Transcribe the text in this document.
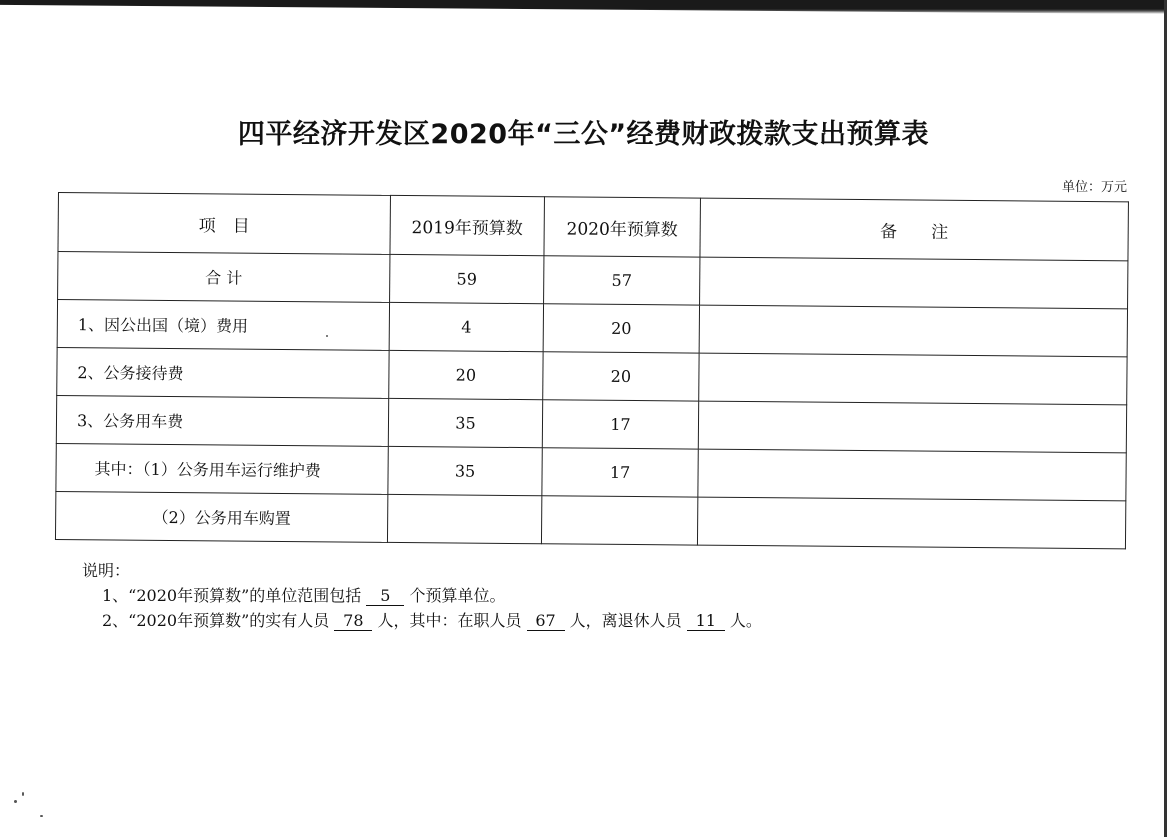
四平经济开发区2020年“三公”经费财政拨款支出预算表
单位：万元
项　目	2019年预算数	2020年预算数	备　　注
合 计	59	57	
1、因公出国（境）费用	4	20	
2、公务接待费	20	20	
3、公务用车费	35	17	
其中：（1）公务用车运行维护费	35	17	
（2）公务用车购置			
说明：
1、“2020年预算数”的单位范围包括 5 个预算单位。
2、“2020年预算数”的实有人员 78 人，其中：在职人员 67 人，离退休人员 11 人。
